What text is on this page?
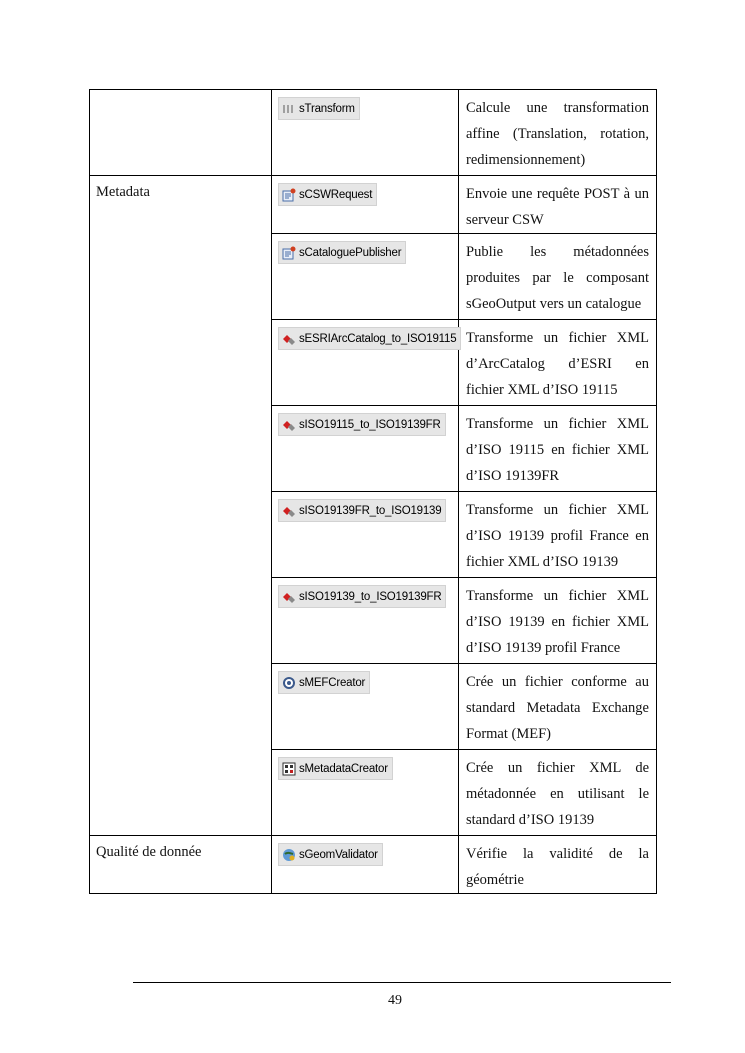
	sTransform	Calcule une transformation affine (Translation, rotation, redimensionnement)
Metadata	sCSWRequest	Envoie une requête POST à un serveur CSW

	sCataloguePublisher	Publie les métadonnées produites par le composant sGeoOutput vers un catalogue

	sESRIArcCatalog_to_ISO19115	Transforme un fichier XML d’ArcCatalog d’ESRI en fichier XML d’ISO 19115

	sISO19115_to_ISO19139FR	Transforme un fichier XML d’ISO 19115 en fichier XML d’ISO 19139FR

	sISO19139FR_to_ISO19139	Transforme un fichier XML d’ISO 19139 profil France en fichier XML d’ISO 19139

	sISO19139_to_ISO19139FR	Transforme un fichier XML d’ISO 19139 en fichier XML d’ISO 19139 profil France

	sMEFCreator	Crée un fichier conforme au standard Metadata Exchange Format (MEF)

	sMetadataCreator	Crée un fichier XML de métadonnée en utilisant le standard d’ISO 19139
Qualité de donnée	sGeomValidator	Vérifie la validité de la géométrie
49
